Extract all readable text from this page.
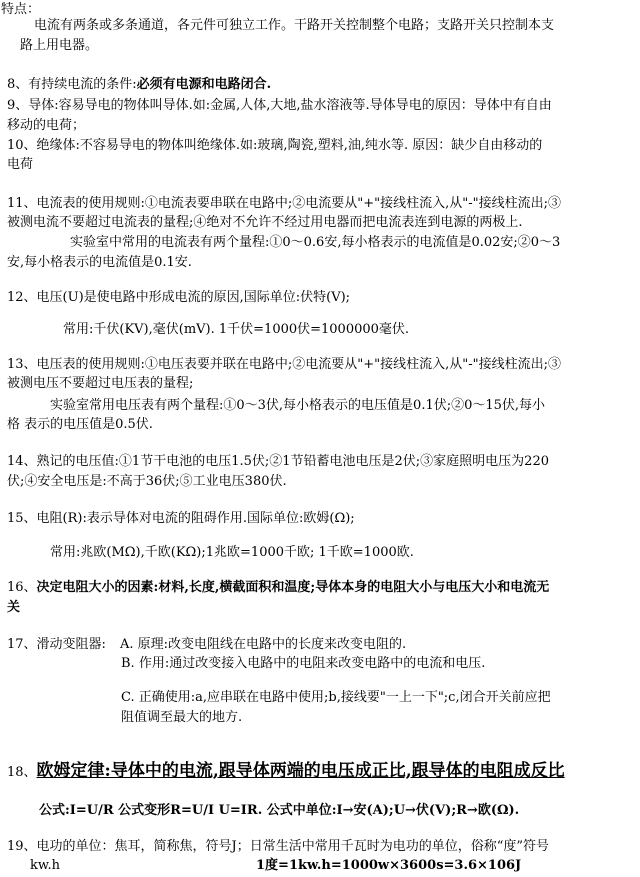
特点：
电流有两条或多条通道，各元件可独立工作。干路开关控制整个电路；支路开关只控制本支
路上用电器。
8、有持续电流的条件:必须有电源和电路闭合.
9、导体:容易导电的物体叫导体.如:金属,人体,大地,盐水溶液等.导体导电的原因：导体中有自由
移动的电荷；
10、绝缘体:不容易导电的物体叫绝缘体.如:玻璃,陶瓷,塑料,油,纯水等. 原因：缺少自由移动的
电荷
11、电流表的使用规则:①电流表要串联在电路中;②电流要从"+"接线柱流入,从"-"接线柱流出;③
被测电流不要超过电流表的量程;④绝对不允许不经过用电器而把电流表连到电源的两极上.
实验室中常用的电流表有两个量程:①0～0.6安,每小格表示的电流值是0.02安;②0～3
安,每小格表示的电流值是0.1安.
12、电压(U)是使电路中形成电流的原因,国际单位:伏特(V);
常用:千伏(KV),毫伏(mV). 1千伏=1000伏=1000000毫伏.
13、电压表的使用规则:①电压表要并联在电路中;②电流要从"+"接线柱流入,从"-"接线柱流出;③
被测电压不要超过电压表的量程;
实验室常用电压表有两个量程:①0～3伏,每小格表示的电压值是0.1伏;②0～15伏,每小
格 表示的电压值是0.5伏.
14、熟记的电压值:①1节干电池的电压1.5伏;②1节铅蓄电池电压是2伏;③家庭照明电压为220
伏;④安全电压是:不高于36伏;⑤工业电压380伏.
15、电阻(R):表示导体对电流的阻碍作用.国际单位:欧姆(Ω);
常用:兆欧(MΩ),千欧(KΩ);1兆欧=1000千欧; 1千欧=1000欧.
16、决定电阻大小的因素:材料,长度,横截面积和温度;导体本身的电阻大小与电压大小和电流无
关
17、滑动变阻器: A. 原理:改变电阻线在电路中的长度来改变电阻的.
B. 作用:通过改变接入电路中的电阻来改变电路中的电流和电压.
C. 正确使用:a,应串联在电路中使用;b,接线要"一上一下";c,闭合开关前应把
阻值调至最大的地方.
18、欧姆定律:导体中的电流,跟导体两端的电压成正比,跟导体的电阻成反比
公式:I=U/R 公式变形R=U/I U=IR. 公式中单位:I→安(A);U→伏(V);R→欧(Ω).
19、电功的单位：焦耳，简称焦，符号J；日常生活中常用千瓦时为电功的单位，俗称“度”符号
kw.h	1度=1kw.h=1000w×3600s=3.6×106J
